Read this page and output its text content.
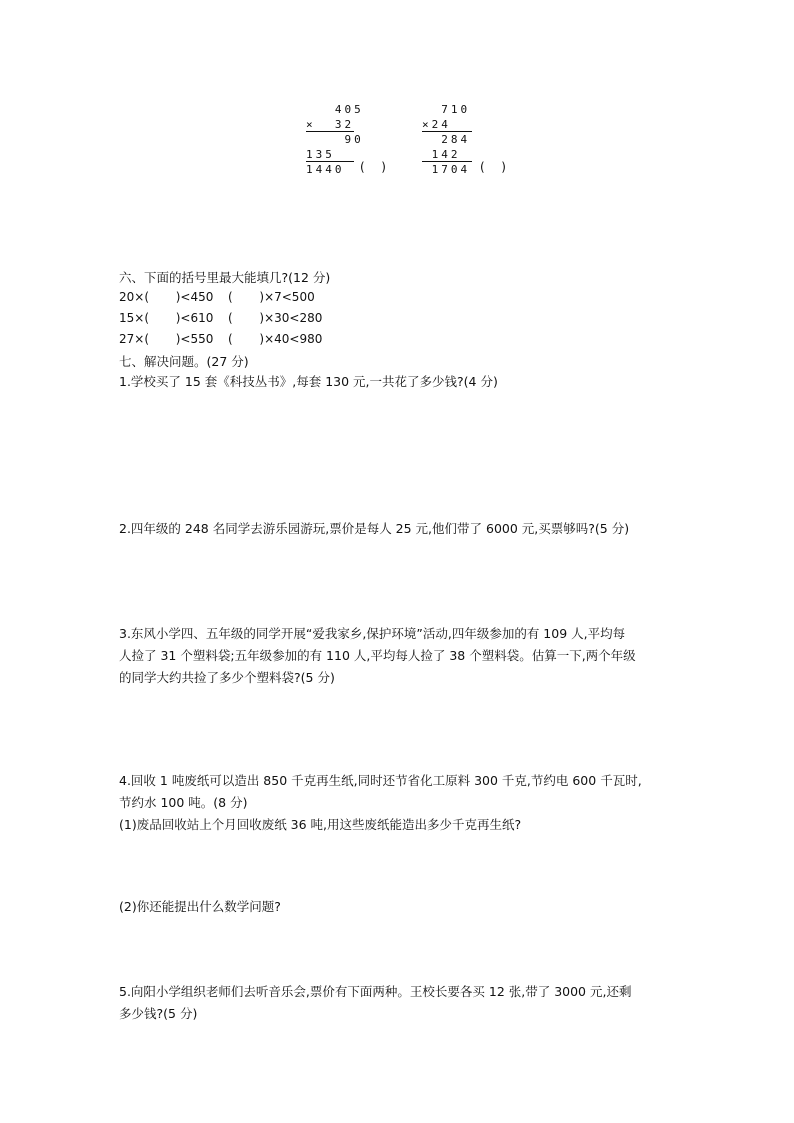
405
×  32
90
135
1440	(  )
710
×24
284
142
1704 (  )
六、下面的括号里最大能填几?(12 分)
20×(       )<450 (       )×7<500
15×(       )<610 (       )×30<280
27×(       )<550 (       )×40<980
七、解决问题。(27 分)
1.学校买了 15 套《科技丛书》,每套 130 元,一共花了多少钱?(4 分)
2.四年级的 248 名同学去游乐园游玩,票价是每人 25 元,他们带了 6000 元,买票够吗?(5 分)
3.东风小学四、五年级的同学开展“爱我家乡,保护环境”活动,四年级参加的有 109 人,平均每
人捡了 31 个塑料袋;五年级参加的有 110 人,平均每人捡了 38 个塑料袋。估算一下,两个年级
的同学大约共捡了多少个塑料袋?(5 分)
4.回收 1 吨废纸可以造出 850 千克再生纸,同时还节省化工原料 300 千克,节约电 600 千瓦时,
节约水 100 吨。(8 分)
(1)废品回收站上个月回收废纸 36 吨,用这些废纸能造出多少千克再生纸?
(2)你还能提出什么数学问题?
5.向阳小学组织老师们去听音乐会,票价有下面两种。王校长要各买 12 张,带了 3000 元,还剩
多少钱?(5 分)
